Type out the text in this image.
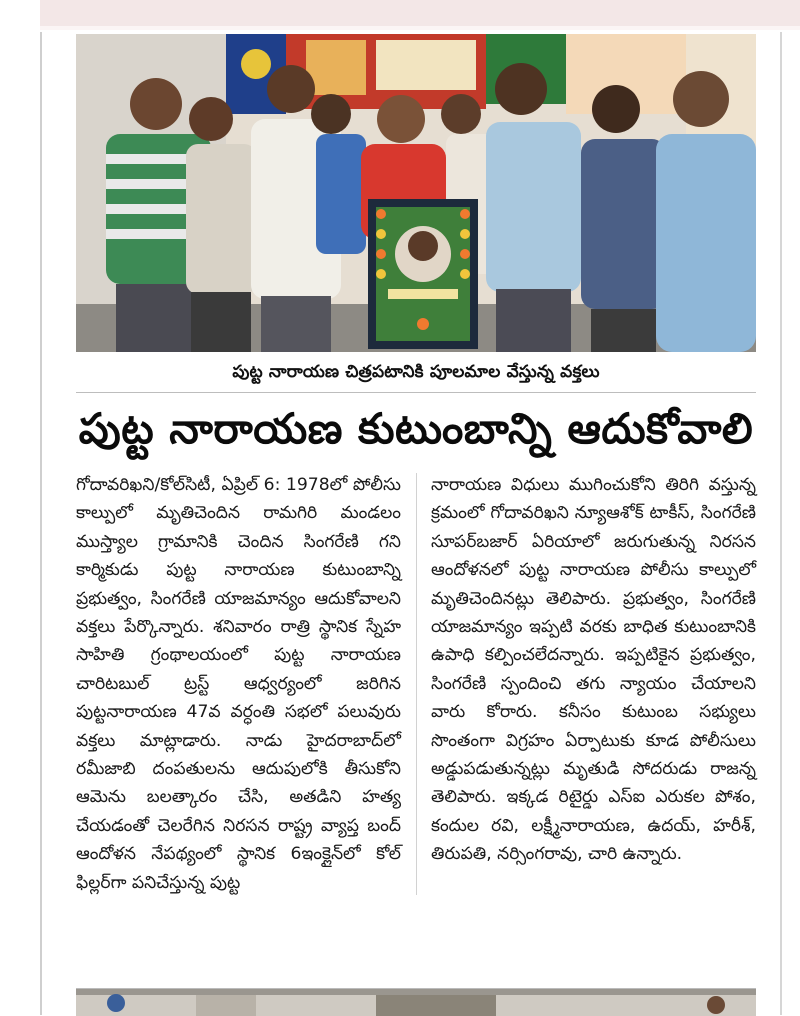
పుట్ట నారాయణ చిత్రపటానికి పూలమాల వేస్తున్న వక్తలు
పుట్ట నారాయణ కుటుంబాన్ని ఆదుకోవాలి

గోదావరిఖని/కోల్‌సిటీ, ఏప్రిల్ 6: 1978లో పోలీసు కాల్పులో మృతిచెందిన రామగిరి మండలం ముస్త్యాల గ్రామానికి చెందిన సింగరేణి గని కార్మికుడు పుట్ట నారాయణ కుటుంబాన్ని ప్రభుత్వం, సింగరేణి యాజమాన్యం ఆదుకోవాలని వక్తలు పేర్కొన్నారు. శనివారం రాత్రి స్థానిక స్నేహ సాహితి గ్రంథాలయంలో పుట్ట నారాయణ చారిటబుల్ ట్రస్ట్ ఆధ్వర్యంలో జరిగిన పుట్టనారాయణ 47వ వర్ధంతి సభలో పలువురు వక్తలు మాట్లాడారు. నాడు హైదరాబాద్‌లో రమీజాబి దంపతులను ఆదుపులోకి తీసుకోని ఆమెను బలత్కారం చేసి, అతడిని హత్య చేయడంతో చెలరేగిన నిరసన రాష్ట్ర వ్యాప్త బంద్ ఆందోళన నేపథ్యంలో స్థానిక 6ఇంక్లైన్‌లో కోల్ ఫిల్లర్‌గా పనిచేస్తున్న పుట్ట

నారాయణ విధులు ముగించుకోని తిరిగి వస్తున్న క్రమంలో గోదావరిఖని న్యూఆశోక్ టాకీస్, సింగరేణి సూపర్‌బజార్ ఏరియాలో జరుగుతున్న నిరసన ఆందోళనలో పుట్ట నారాయణ పోలీసు కాల్పులో మృతిచెందినట్లు తెలిపారు. ప్రభుత్వం, సింగరేణి యాజమాన్యం ఇప్పటి వరకు బాధిత కుటుంబానికి ఉపాధి కల్పించలేదన్నారు. ఇప్పటికైన ప్రభుత్వం, సింగరేణి స్పందించి తగు న్యాయం చేయాలని వారు కోరారు. కనీసం కుటుంబ సభ్యులు సొంతంగా విగ్రహం ఏర్పాటుకు కూడ పోలీసులు అడ్డుపడుతున్నట్లు మృతుడి సోదరుడు రాజన్న తెలిపారు. ఇక్కడ రిటైర్డు ఎస్ఐ ఎరుకల పోశం, కందుల రవి, లక్ష్మీనారాయణ, ఉదయ్, హరీశ్, తిరుపతి, నర్సింగరావు, చారి ఉన్నారు.
